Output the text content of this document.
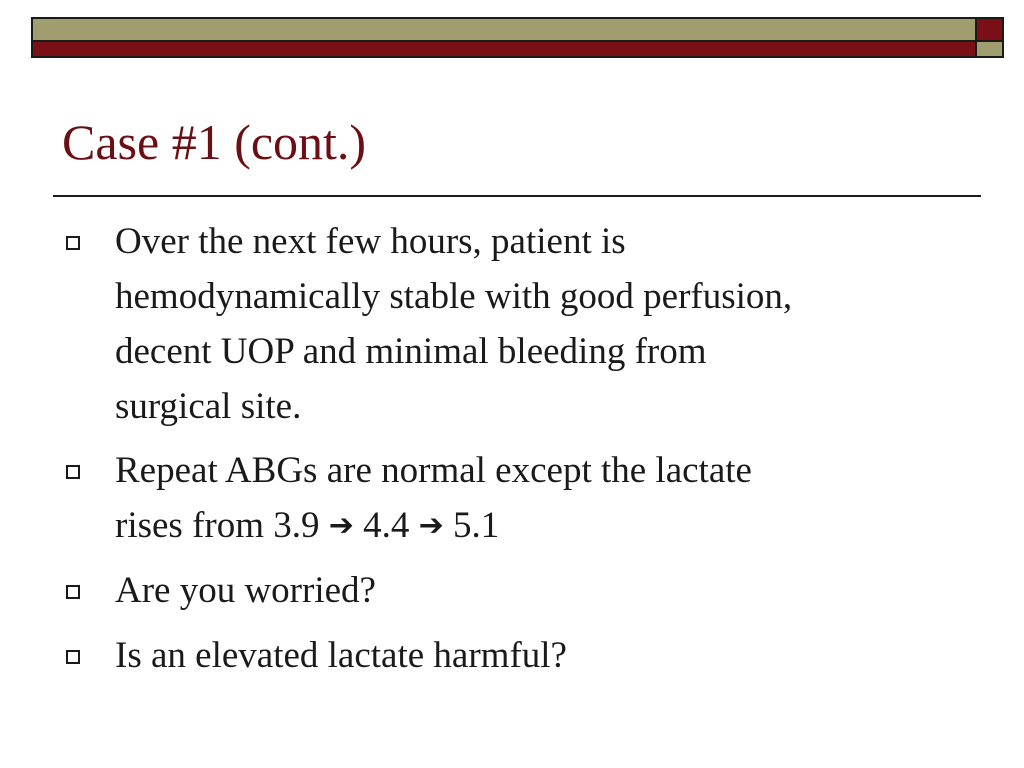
Case #1 (cont.)
Over the next few hours, patient is
hemodynamically stable with good perfusion,
decent UOP and minimal bleeding from
surgical site.
Repeat ABGs are normal except the lactate
rises from 3.9 ➔ 4.4 ➔ 5.1
Are you worried?
Is an elevated lactate harmful?
